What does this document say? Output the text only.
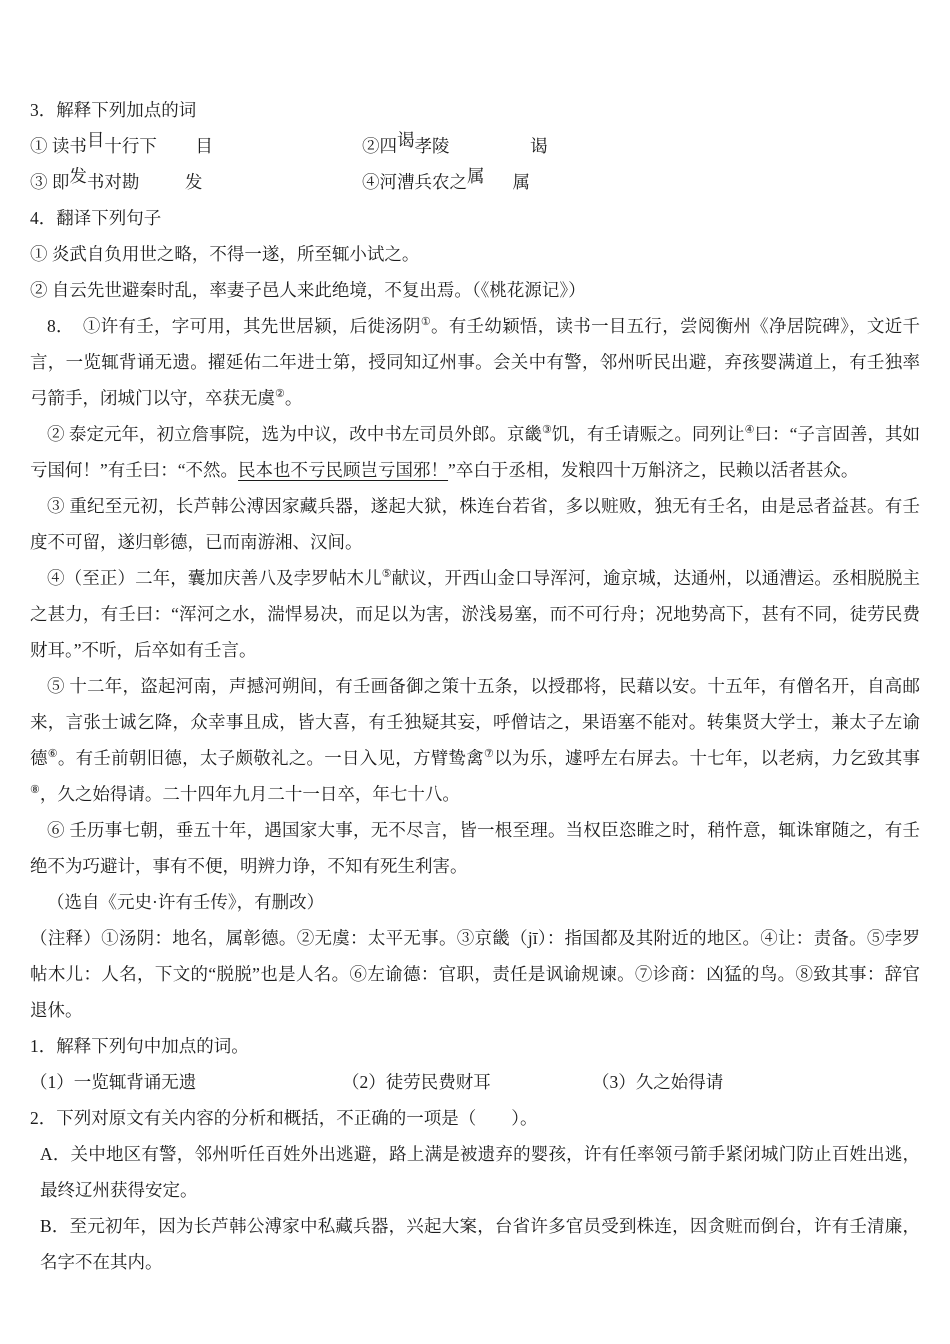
3．解释下列加点的词
① 读书目十行下 目	②四谒孝陵	谒
③ 即发书对勘	发	④河漕兵农之属 属
4．翻译下列句子
① 炎武自负用世之略，不得一遂，所至辄小试之。
② 自云先世避秦时乱，率妻子邑人来此绝境，不复出焉。（《桃花源记》）
8．　①许有壬，字可用，其先世居颍，后徙汤阴①。有壬幼颖悟，读书一目五行，尝阅衡州《净居院碑》，文近千言，一览辄背诵无遗。擢延佑二年进士第，授同知辽州事。会关中有警，邻州听民出避，弃孩婴满道上，有壬独率弓箭手，闭城门以守，卒获无虞②。
② 泰定元年，初立詹事院，选为中议，改中书左司员外郎。京畿③饥，有壬请赈之。同列让④曰：“子言固善，其如亏国何！”有壬曰：“不然。民本也不亏民顾岂亏国邪！”卒白于丞相，发粮四十万斛济之，民赖以活者甚众。
③ 重纪至元初，长芦韩公溥因家藏兵器，遂起大狱，株连台若省，多以赃败，独无有壬名，由是忌者益甚。有壬度不可留，遂归彰德，已而南游湘、汉间。
④（至正）二年，囊加庆善八及孛罗帖木儿⑤献议，开西山金口导浑河，逾京城，达通州，以通漕运。丞相脱脱主之甚力，有壬曰：“浑河之水，湍悍易决，而足以为害，淤浅易塞，而不可行舟；况地势高下，甚有不同，徒劳民费财耳。”不听，后卒如有壬言。
⑤ 十二年，盗起河南，声撼河朔间，有壬画备御之策十五条，以授郡将，民藉以安。十五年，有僧名开，自高邮来，言张士诚乞降，众幸事且成，皆大喜，有壬独疑其妄，呼僧诘之，果语塞不能对。转集贤大学士，兼太子左谕德⑥。有壬前朝旧德，太子颇敬礼之。一日入见，方臂鸷禽⑦以为乐，遽呼左右屏去。十七年，以老病，力乞致其事⑧，久之始得请。二十四年九月二十一日卒，年七十八。
⑥ 壬历事七朝，垂五十年，遇国家大事，无不尽言，皆一根至理。当权臣恣睢之时，稍忤意，辄诛窜随之，有壬绝不为巧避计，事有不便，明辨力诤，不知有死生利害。
（选自《元史·许有壬传》，有删改）
（注释）①汤阴：地名，属彰德。②无虞：太平无事。③京畿（jī）：指国都及其附近的地区。④让：责备。⑤孛罗帖木儿：人名，下文的“脱脱”也是人名。⑥左谕德：官职，责任是讽谕规谏。⑦诊商：凶猛的鸟。⑧致其事：辞官退休。
1．解释下列句中加点的词。
（1）一览辄背诵无遗	（2）徒劳民费财耳	（3）久之始得请
2．下列对原文有关内容的分析和概括，不正确的一项是（　　）。
A．关中地区有警，邻州听任百姓外出逃避，路上满是被遗弃的婴孩，许有任率领弓箭手紧闭城门防止百姓出逃，最终辽州获得安定。
B．至元初年，因为长芦韩公溥家中私藏兵器，兴起大案，台省许多官员受到株连，因贪赃而倒台，许有壬清廉，名字不在其内。
